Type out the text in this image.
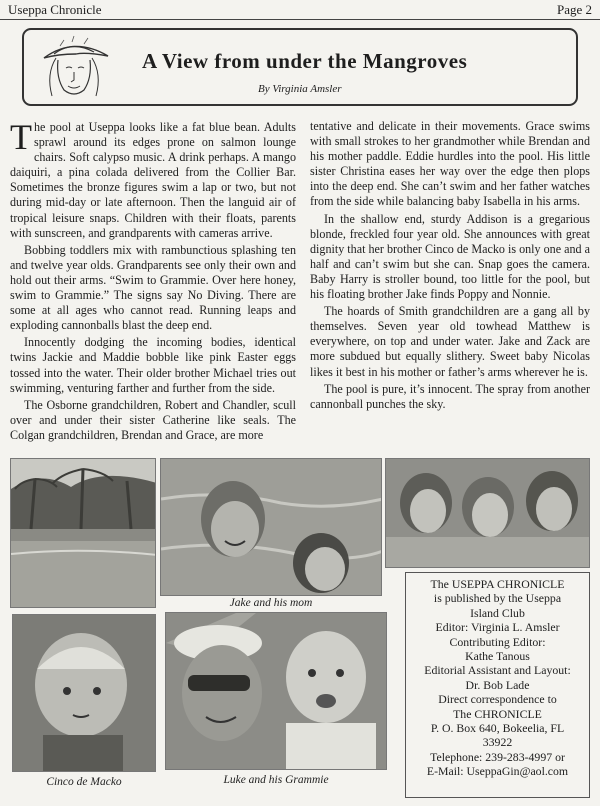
Useppa Chronicle	Page 2
A View from under the Mangroves
By Virginia Amsler

The pool at Useppa looks like a fat blue bean. Adults sprawl around its edges prone on salmon lounge chairs. Soft calypso music. A drink perhaps. A mango daiquiri, a pina colada delivered from the Collier Bar. Sometimes the bronze figures swim a lap or two, but not during mid-day or late afternoon. Then the languid air of tropical leisure snaps. Children with their floats, parents with sunscreen, and grandparents with cameras arrive.

Bobbing toddlers mix with rambunctious splashing ten and twelve year olds. Grandparents see only their own and hold out their arms. “Swim to Grammie. Over here honey, swim to Grammie.” The signs say No Diving. There are some at all ages who cannot read. Running leaps and exploding cannonballs blast the deep end.

Innocently dodging the incoming bodies, identical twins Jackie and Maddie bobble like pink Easter eggs tossed into the water. Their older brother Michael tries out swimming, venturing farther and further from the side.

The Osborne grandchildren, Robert and Chandler, scull over and under their sister Catherine like seals. The Colgan grandchildren, Brendan and Grace, are more

tentative and delicate in their movements. Grace swims with small strokes to her grandmother while Brendan and his mother paddle. Eddie hurdles into the pool. His little sister Christina eases her way over the edge then plops into the deep end. She can’t swim and her father watches from the side while balancing baby Isabella in his arms.

In the shallow end, sturdy Addison is a gregarious blonde, freckled four year old. She announces with great dignity that her brother Cinco de Macko is only one and a half and can’t swim but she can. Snap goes the camera. Baby Harry is stroller bound, too little for the pool, but his floating brother Jake finds Poppy and Nonnie.

The hoards of Smith grandchildren are a gang all by themselves. Seven year old towhead Matthew is everywhere, on top and under water. Jake and Zack are more subdued but equally slithery. Sweet baby Nicolas likes it best in his mother or father’s arms wherever he is.

The pool is pure, it’s innocent. The spray from another cannonball punches the sky.

Jake and his mom
Cinco de Macko	Luke and his Grammie
The USEPPA CHRONICLE
is published by the Useppa
Island Club
Editor: Virginia L. Amsler
Contributing Editor:
Kathe Tanous
Editorial Assistant and Layout:
Dr. Bob Lade
Direct correspondence to
The CHRONICLE
P. O. Box 640, Bokeelia, FL
33922
Telephone: 239-283-4997 or
E-Mail: UseppaGin@aol.com
